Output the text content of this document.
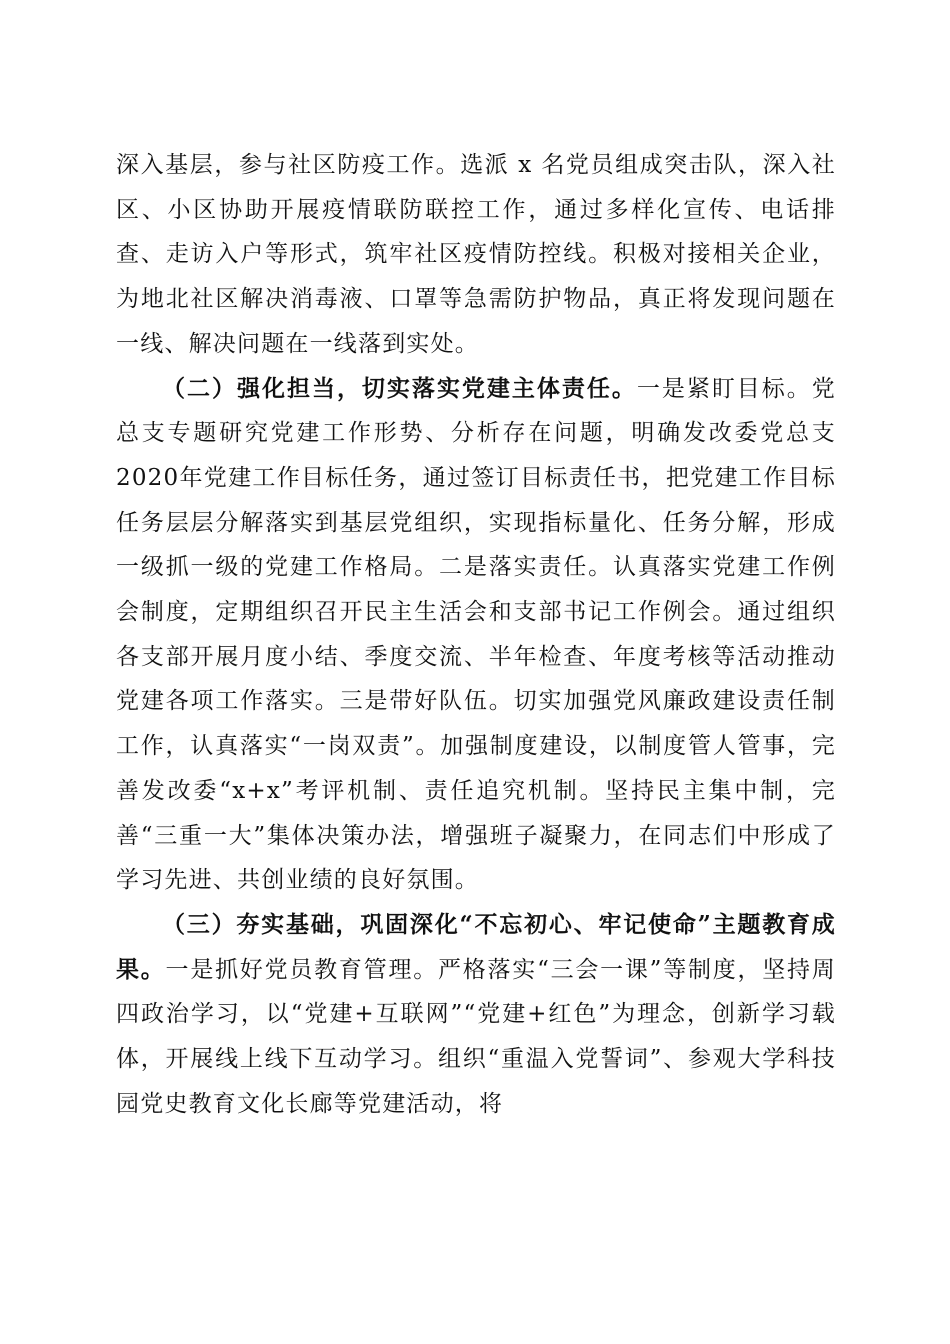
深入基层，参与社区防疫工作。选派 x 名党员组成突击队，深入社区、小区协助开展疫情联防联控工作，通过多样化宣传、电话排查、走访入户等形式，筑牢社区疫情防控线。积极对接相关企业，为地北社区解决消毒液、口罩等急需防护物品，真正将发现问题在一线、解决问题在一线落到实处。

（二）强化担当，切实落实党建主体责任。一是紧盯目标。党总支专题研究党建工作形势、分析存在问题，明确发改委党总支2020年党建工作目标任务，通过签订目标责任书，把党建工作目标任务层层分解落实到基层党组织，实现指标量化、任务分解，形成一级抓一级的党建工作格局。二是落实责任。认真落实党建工作例会制度，定期组织召开民主生活会和支部书记工作例会。通过组织各支部开展月度小结、季度交流、半年检查、年度考核等活动推动党建各项工作落实。三是带好队伍。切实加强党风廉政建设责任制工作，认真落实“一岗双责”。加强制度建设，以制度管人管事，完善发改委“x+x”考评机制、责任追究机制。坚持民主集中制，完善“三重一大”集体决策办法，增强班子凝聚力，在同志们中形成了学习先进、共创业绩的良好氛围。

（三）夯实基础，巩固深化“不忘初心、牢记使命”主题教育成果。一是抓好党员教育管理。严格落实“三会一课”等制度，坚持周四政治学习，以“党建+互联网”“党建+红色”为理念，创新学习载体，开展线上线下互动学习。组织“重温入党誓词”、参观大学科技园党史教育文化长廊等党建活动，将
